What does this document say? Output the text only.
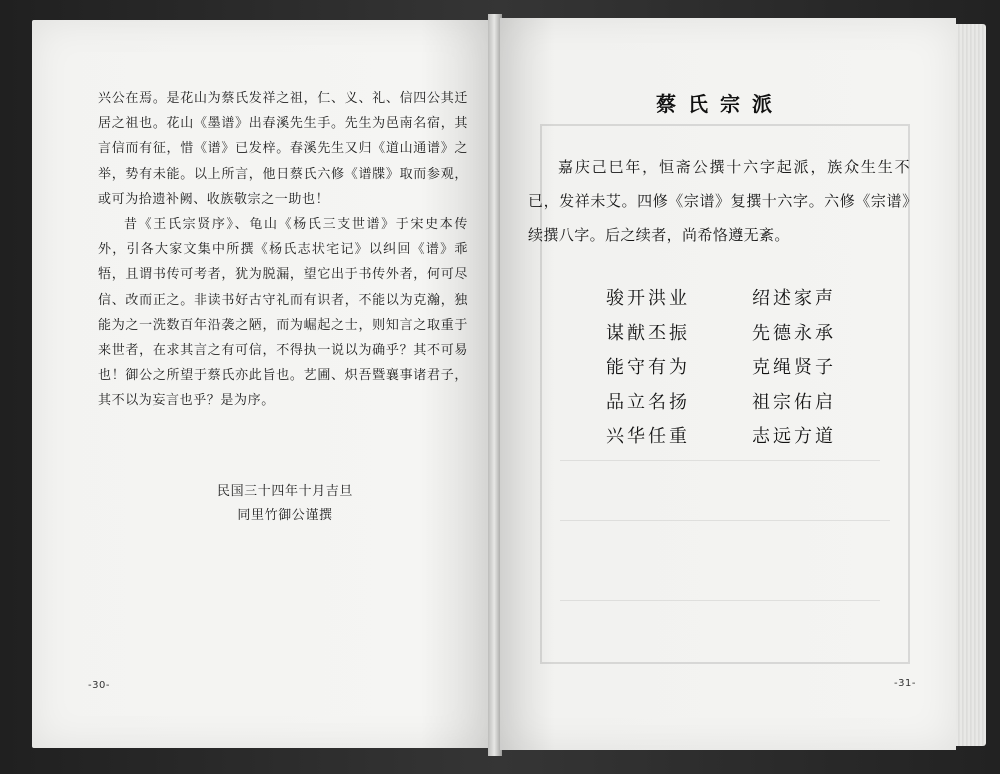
兴公在焉。是花山为蔡氏发祥之祖，仁、义、礼、信四公其迁居之祖也。花山《墨谱》出春溪先生手。先生为邑南名宿，其言信而有征，惜《谱》已发梓。春溪先生又归《道山通谱》之举，势有未能。以上所言，他日蔡氏六修《谱牒》取而参观，或可为拾遗补阙、收族敬宗之一助也！

昔《王氏宗贤序》、龟山《杨氏三支世谱》于宋史本传外，引各大家文集中所撰《杨氏志状宅记》以纠回《谱》乖牾，且谓书传可考者，犹为脱漏，望它出于书传外者，何可尽信、改而正之。非读书好古守礼而有识者，不能以为克瀚，独能为之一洗数百年沿袭之陋，而为崛起之士，则知言之取重于来世者，在求其言之有可信，不得执一说以为确乎？其不可易也！御公之所望于蔡氏亦此旨也。艺圃、炽吾暨襄事诸君子，其不以为妄言也乎？是为序。

民国三十四年十月吉旦
同里竹御公谨撰
-30-
蔡氏宗派

嘉庆己巳年，恒斋公撰十六字起派，族众生生不已，发祥未艾。四修《宗谱》复撰十六字。六修《宗谱》续撰八字。后之续者，尚希恪遵无紊。

骏开洪业
谋猷丕振
能守有为
品立名扬
兴华任重
绍述家声
先德永承
克绳贤子
祖宗佑启
志远方道
-31-
